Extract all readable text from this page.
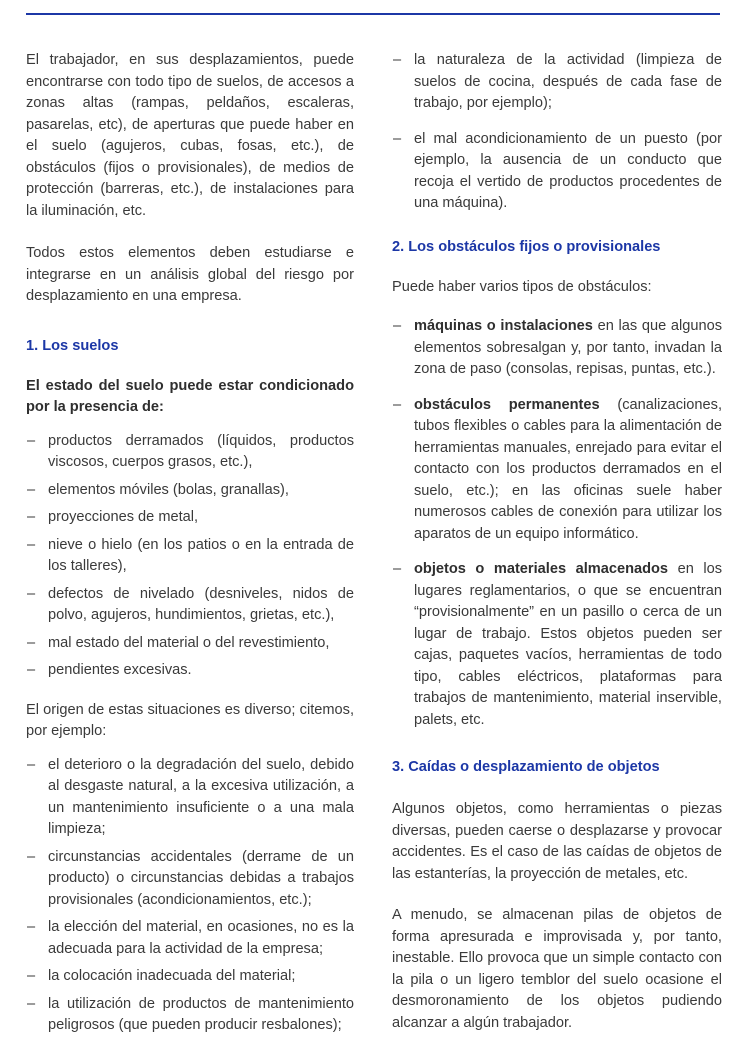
El trabajador, en sus desplazamientos, puede encontrarse con todo tipo de suelos, de accesos a zonas altas (rampas, peldaños, escaleras, pasarelas, etc), de aperturas que puede haber en el suelo (agujeros, cubas, fosas, etc.), de obstáculos (fijos o provisionales), de medios de protección (barreras, etc.), de instalaciones para la iluminación, etc.

Todos estos elementos deben estudiarse e integrarse en un análisis global del riesgo por desplazamiento en una empresa.

1. Los suelos

El estado del suelo puede estar condicionado por la presencia de:

– productos derramados (líquidos, productos viscosos, cuerpos grasos, etc.),
– elementos móviles (bolas, granallas),
– proyecciones de metal,
– nieve o hielo (en los patios o en la entrada de los talleres),
– defectos de nivelado (desniveles, nidos de polvo, agujeros, hundimientos, grietas, etc.),
– mal estado del material o del revestimiento,
– pendientes excesivas.

El origen de estas situaciones es diverso; citemos, por ejemplo:

– el deterioro o la degradación del suelo, debido al desgaste natural, a la excesiva utilización, a un mantenimiento insuficiente o a una mala limpieza;
– circunstancias accidentales (derrame de un producto) o circunstancias debidas a trabajos provisionales (acondicionamientos, etc.);
– la elección del material, en ocasiones, no es la adecuada para la actividad de la empresa;
– la colocación inadecuada del material;
– la utilización de productos de mantenimiento peligrosos (que pueden producir resbalones);
– la naturaleza de la actividad (limpieza de suelos de cocina, después de cada fase de trabajo, por ejemplo);
– el mal acondicionamiento de un puesto (por ejemplo, la ausencia de un conducto que recoja el vertido de productos procedentes de una máquina).
2. Los obstáculos fijos o provisionales

Puede haber varios tipos de obstáculos:

– máquinas o instalaciones en las que algunos elementos sobresalgan y, por tanto, invadan la zona de paso (consolas, repisas, puntas, etc.).
– obstáculos permanentes (canalizaciones, tubos flexibles o cables para la alimentación de herramientas manuales, enrejado para evitar el contacto con los productos derramados en el suelo, etc.); en las oficinas suele haber numerosos cables de conexión para utilizar los aparatos de un equipo informático.
– objetos o materiales almacenados en los lugares reglamentarios, o que se encuentran “provisionalmente” en un pasillo o cerca de un lugar de trabajo. Estos objetos pueden ser cajas, paquetes vacíos, herramientas de todo tipo, cables eléctricos, plataformas para trabajos de mantenimiento, material inservible, palets, etc.
3. Caídas o desplazamiento de objetos

Algunos objetos, como herramientas o piezas diversas, pueden caerse o desplazarse y provocar accidentes. Es el caso de las caídas de objetos de las estanterías, la proyección de metales, etc.

A menudo, se almacenan pilas de objetos de forma apresurada e improvisada y, por tanto, inestable. Ello provoca que un simple contacto con la pila o un ligero temblor del suelo ocasione el desmoronamiento de los objetos pudiendo alcanzar a algún trabajador.
